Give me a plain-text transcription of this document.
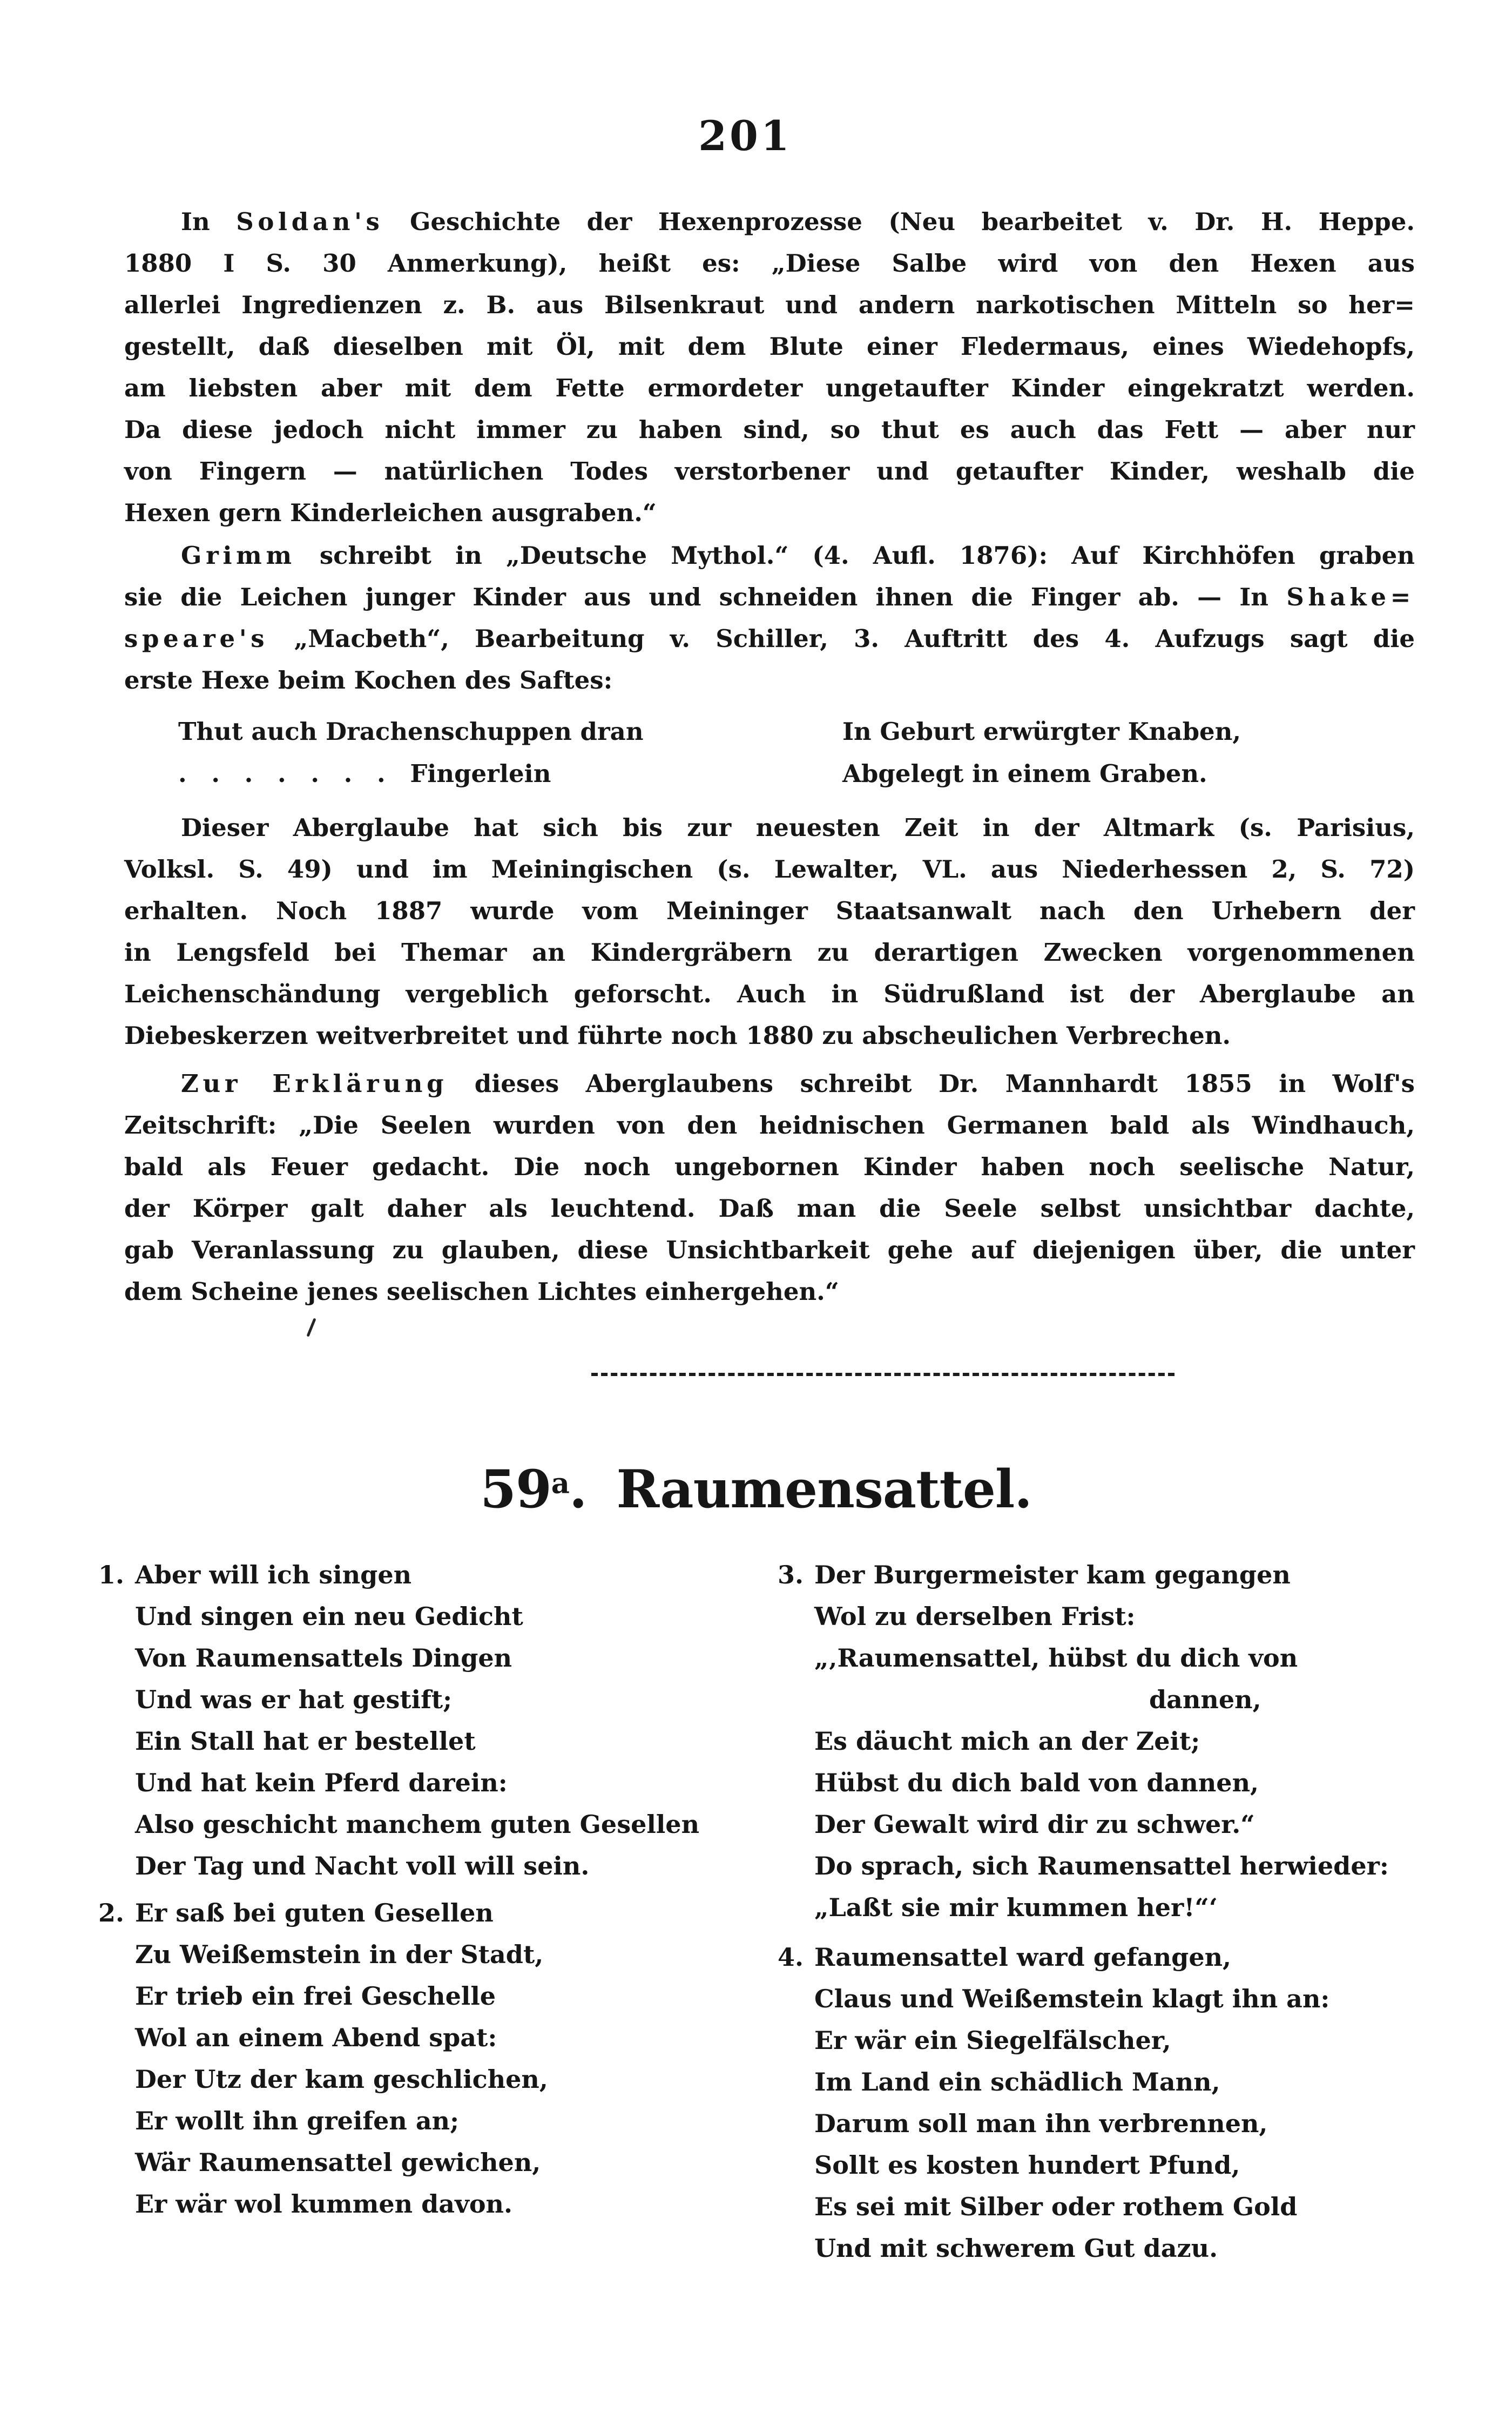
201
In Soldan's Geschichte der Hexenprozesse (Neu bearbeitet v. Dr. H. Heppe.
1880 I S. 30 Anmerkung), heißt es: „Diese Salbe wird von den Hexen aus
allerlei Ingredienzen z. B. aus Bilsenkraut und andern narkotischen Mitteln so her=
gestellt, daß dieselben mit Öl, mit dem Blute einer Fledermaus, eines Wiedehopfs,
am liebsten aber mit dem Fette ermordeter ungetaufter Kinder eingekratzt werden.
Da diese jedoch nicht immer zu haben sind, so thut es auch das Fett — aber nur
von Fingern — natürlichen Todes verstorbener und getaufter Kinder, weshalb die
Hexen gern Kinderleichen ausgraben.“
Grimm schreibt in „Deutsche Mythol.“ (4. Aufl. 1876): Auf Kirchhöfen graben
sie die Leichen junger Kinder aus und schneiden ihnen die Finger ab. — In Shake=
speare's „Macbeth“, Bearbeitung v. Schiller, 3. Auftritt des 4. Aufzugs sagt die
erste Hexe beim Kochen des Saftes:
Thut auch Drachenschuppen dran
. . . . . . . Fingerlein
In Geburt erwürgter Knaben,
Abgelegt in einem Graben.
Dieser Aberglaube hat sich bis zur neuesten Zeit in der Altmark (s. Parisius,
Volksl. S. 49) und im Meiningischen (s. Lewalter, VL. aus Niederhessen 2, S. 72)
erhalten. Noch 1887 wurde vom Meininger Staatsanwalt nach den Urhebern der
in Lengsfeld bei Themar an Kindergräbern zu derartigen Zwecken vorgenommenen
Leichenschändung vergeblich geforscht. Auch in Südrußland ist der Aberglaube an
Diebeskerzen weitverbreitet und führte noch 1880 zu abscheulichen Verbrechen.
Zur Erklärung dieses Aberglaubens schreibt Dr. Mannhardt 1855 in Wolf's
Zeitschrift: „Die Seelen wurden von den heidnischen Germanen bald als Windhauch,
bald als Feuer gedacht. Die noch ungebornen Kinder haben noch seelische Natur,
der Körper galt daher als leuchtend. Daß man die Seele selbst unsichtbar dachte,
gab Veranlassung zu glauben, diese Unsichtbarkeit gehe auf diejenigen über, die unter
dem Scheine jenes seelischen Lichtes einhergehen.“
59$^a$. Raumensattel.
1. Aber will ich singen
Und singen ein neu Gedicht
Von Raumensattels Dingen
Und was er hat gestift;
Ein Stall hat er bestellet
Und hat kein Pferd darein:
Also geschicht manchem guten Gesellen
Der Tag und Nacht voll will sein.
2. Er saß bei guten Gesellen
Zu Weißemstein in der Stadt,
Er trieb ein frei Geschelle
Wol an einem Abend spat:
Der Utz der kam geschlichen,
Er wollt ihn greifen an;
Wär Raumensattel gewichen,
Er wär wol kummen davon.
3. Der Burgermeister kam gegangen
Wol zu derselben Frist:
„‚Raumensattel, hübst du dich von
dannen,
Es däucht mich an der Zeit;
Hübst du dich bald von dannen,
Der Gewalt wird dir zu schwer.“
Do sprach, sich Raumensattel herwieder:
„Laßt sie mir kummen her!“‘
4. Raumensattel ward gefangen,
Claus und Weißemstein klagt ihn an:
Er wär ein Siegelfälscher,
Im Land ein schädlich Mann,
Darum soll man ihn verbrennen,
Sollt es kosten hundert Pfund,
Es sei mit Silber oder rothem Gold
Und mit schwerem Gut dazu.
